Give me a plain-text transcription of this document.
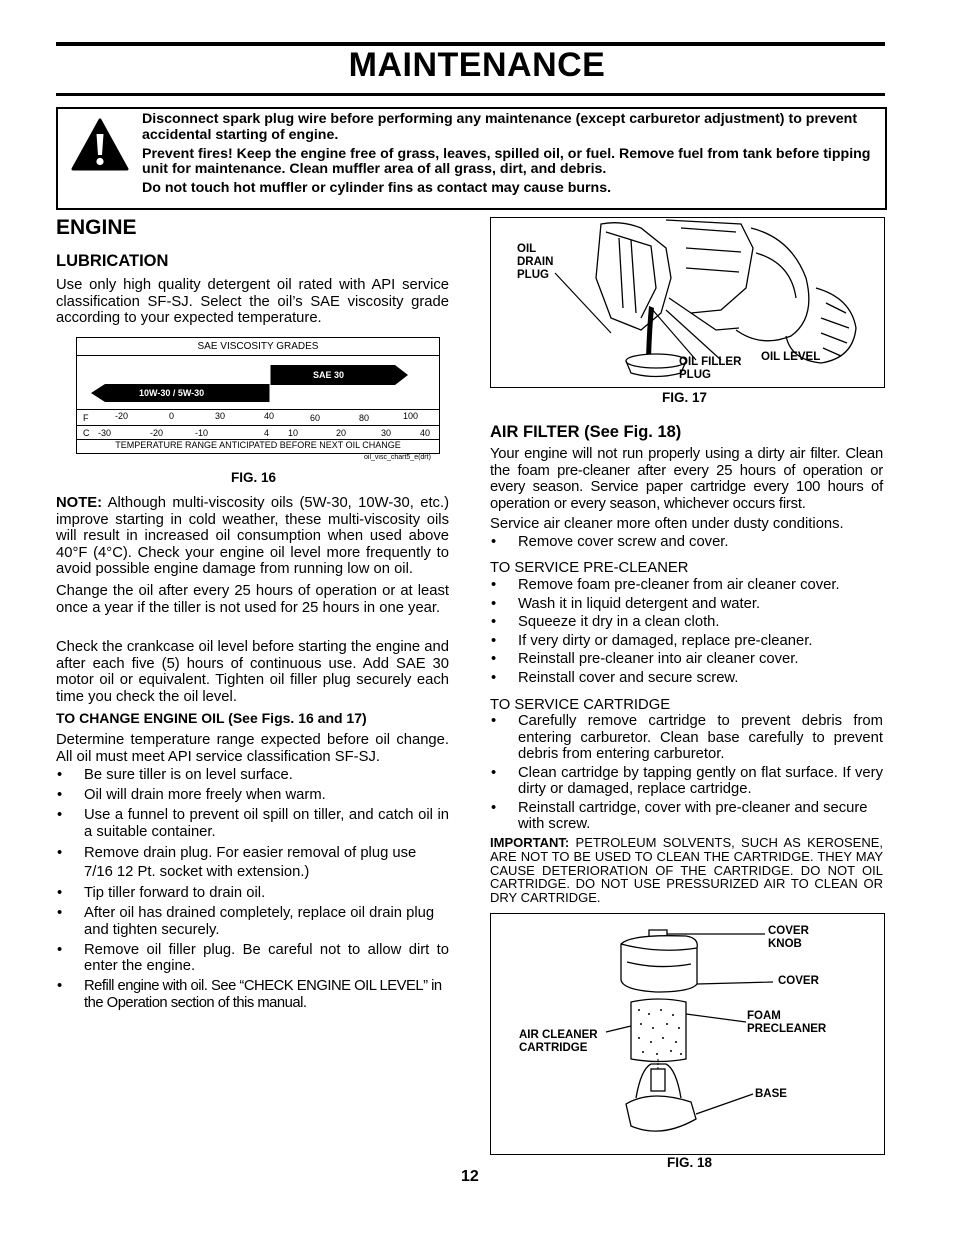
MAINTENANCE

Disconnect spark plug wire before performing any maintenance (except carburetor adjustment) to prevent accidental starting of engine.

Prevent fires! Keep the engine free of grass, leaves, spilled oil, or fuel. Remove fuel from tank before tipping unit for maintenance. Clean muffler area of all grass, dirt, and debris.

Do not touch hot muffler or cylinder fins as contact may cause burns.

ENGINE
LUBRICATION

Use only high quality detergent oil rated with API service classification SF-SJ. Select the oil’s SAE viscosity grade according to your expected temperature.

SAE VISCOSITY GRADES
10W-30 / 5W-30
SAE 30
F	-20	0	30	40	60	80	100
C -30	-20	-10	4 10	20	30	40
TEMPERATURE RANGE ANTICIPATED BEFORE NEXT OIL CHANGE
oil_visc_chart5_e(drt)
FIG. 16

NOTE: Although multi-viscosity oils (5W-30, 10W-30, etc.) improve starting in cold weather, these multi-viscosity oils will result in increased oil consumption when used above 40°F (4°C). Check your engine oil level more frequently to avoid possible engine damage from running low on oil.

Change the oil after every 25 hours of operation or at least once a year if the tiller is not used for 25 hours in one year.

Check the crankcase oil level before starting the engine and after each five (5) hours of continuous use. Add SAE 30 motor oil or equivalent. Tighten oil filler plug securely each time you check the oil level.

TO CHANGE ENGINE OIL (See Figs. 16 and 17)

Determine temperature range expected before oil change. All oil must meet API service classification SF-SJ.

• Be sure tiller is on level surface.
• Oil will drain more freely when warm.
• Use a funnel to prevent oil spill on tiller, and catch oil in a suitable container.
• Remove drain plug. For easier removal of plug use 7/16 12 Pt. socket with extension.)
• Tip tiller forward to drain oil.
• After oil has drained completely, replace oil drain plug and tighten securely.
• Remove oil filler plug. Be careful not to allow dirt to enter the engine.
• Refill engine with oil. See “CHECK ENGINE OIL LEVEL” in the Operation section of this manual.
OIL DRAIN PLUG
OIL FILLER PLUG
OIL LEVEL
FIG. 17
AIR FILTER (See Fig. 18)

Your engine will not run properly using a dirty air filter. Clean the foam pre-cleaner after every 25 hours of operation or every season. Service paper cartridge every 100 hours of operation or every season, whichever occurs first.

Service air cleaner more often under dusty conditions.

• Remove cover screw and cover.
TO SERVICE PRE-CLEANER
• Remove foam pre-cleaner from air cleaner cover.
• Wash it in liquid detergent and water.
• Squeeze it dry in a clean cloth.
• If very dirty or damaged, replace pre-cleaner.
• Reinstall pre-cleaner into air cleaner cover.
• Reinstall cover and secure screw.
TO SERVICE CARTRIDGE
• Carefully remove cartridge to prevent debris from entering carburetor. Clean base carefully to prevent debris from entering carburetor.
• Clean cartridge by tapping gently on flat surface. If very dirty or damaged, replace cartridge.
• Reinstall cartridge, cover with pre-cleaner and secure with screw.

IMPORTANT: PETROLEUM SOLVENTS, SUCH AS KEROSENE, ARE NOT TO BE USED TO CLEAN THE CARTRIDGE. THEY MAY CAUSE DETERIORATION OF THE CARTRIDGE. DO NOT OIL CARTRIDGE. DO NOT USE PRESSURIZED AIR TO CLEAN OR DRY CARTRIDGE.

COVER KNOB
COVER
FOAM PRECLEANER
AIR CLEANER CARTRIDGE
BASE
FIG. 18
12
